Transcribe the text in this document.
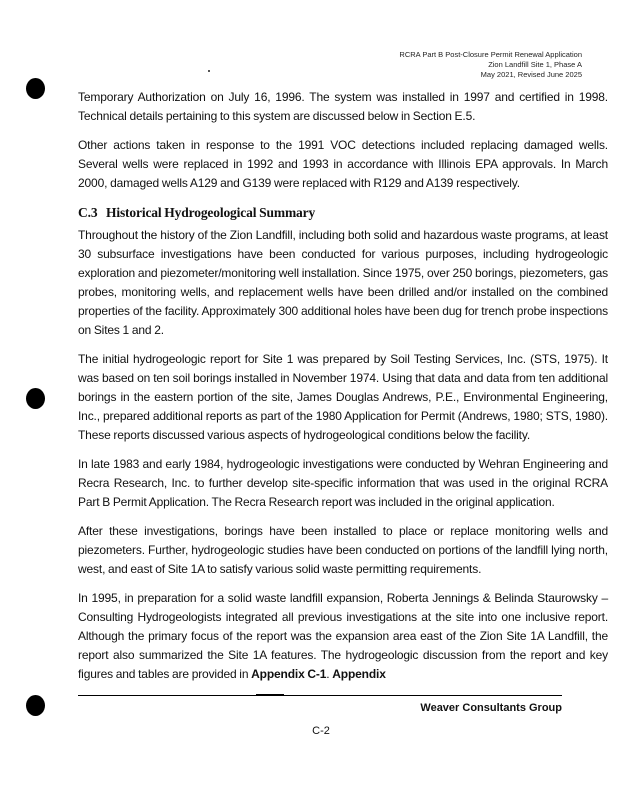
RCRA Part B Post-Closure Permit Renewal Application
Zion Landfill Site 1, Phase A
May 2021, Revised June 2025

Temporary Authorization on July 16, 1996. The system was installed in 1997 and certified in 1998. Technical details pertaining to this system are discussed below in Section E.5.

Other actions taken in response to the 1991 VOC detections included replacing damaged wells. Several wells were replaced in 1992 and 1993 in accordance with Illinois EPA approvals. In March 2000, damaged wells A129 and G139 were replaced with R129 and A139 respectively.

C.3 Historical Hydrogeological Summary

Throughout the history of the Zion Landfill, including both solid and hazardous waste programs, at least 30 subsurface investigations have been conducted for various purposes, including hydrogeologic exploration and piezometer/monitoring well installation. Since 1975, over 250 borings, piezometers, gas probes, monitoring wells, and replacement wells have been drilled and/or installed on the combined properties of the facility. Approximately 300 additional holes have been dug for trench probe inspections on Sites 1 and 2.

The initial hydrogeologic report for Site 1 was prepared by Soil Testing Services, Inc. (STS, 1975). It was based on ten soil borings installed in November 1974. Using that data and data from ten additional borings in the eastern portion of the site, James Douglas Andrews, P.E., Environmental Engineering, Inc., prepared additional reports as part of the 1980 Application for Permit (Andrews, 1980; STS, 1980). These reports discussed various aspects of hydrogeological conditions below the facility.

In late 1983 and early 1984, hydrogeologic investigations were conducted by Wehran Engineering and Recra Research, Inc. to further develop site-specific information that was used in the original RCRA Part B Permit Application. The Recra Research report was included in the original application.

After these investigations, borings have been installed to place or replace monitoring wells and piezometers. Further, hydrogeologic studies have been conducted on portions of the landfill lying north, west, and east of Site 1A to satisfy various solid waste permitting requirements.

In 1995, in preparation for a solid waste landfill expansion, Roberta Jennings & Belinda Staurowsky – Consulting Hydrogeologists integrated all previous investigations at the site into one inclusive report. Although the primary focus of the report was the expansion area east of the Zion Site 1A Landfill, the report also summarized the Site 1A features. The hydrogeologic discussion from the report and key figures and tables are provided in Appendix C-1. Appendix

Weaver Consultants Group
C-2
